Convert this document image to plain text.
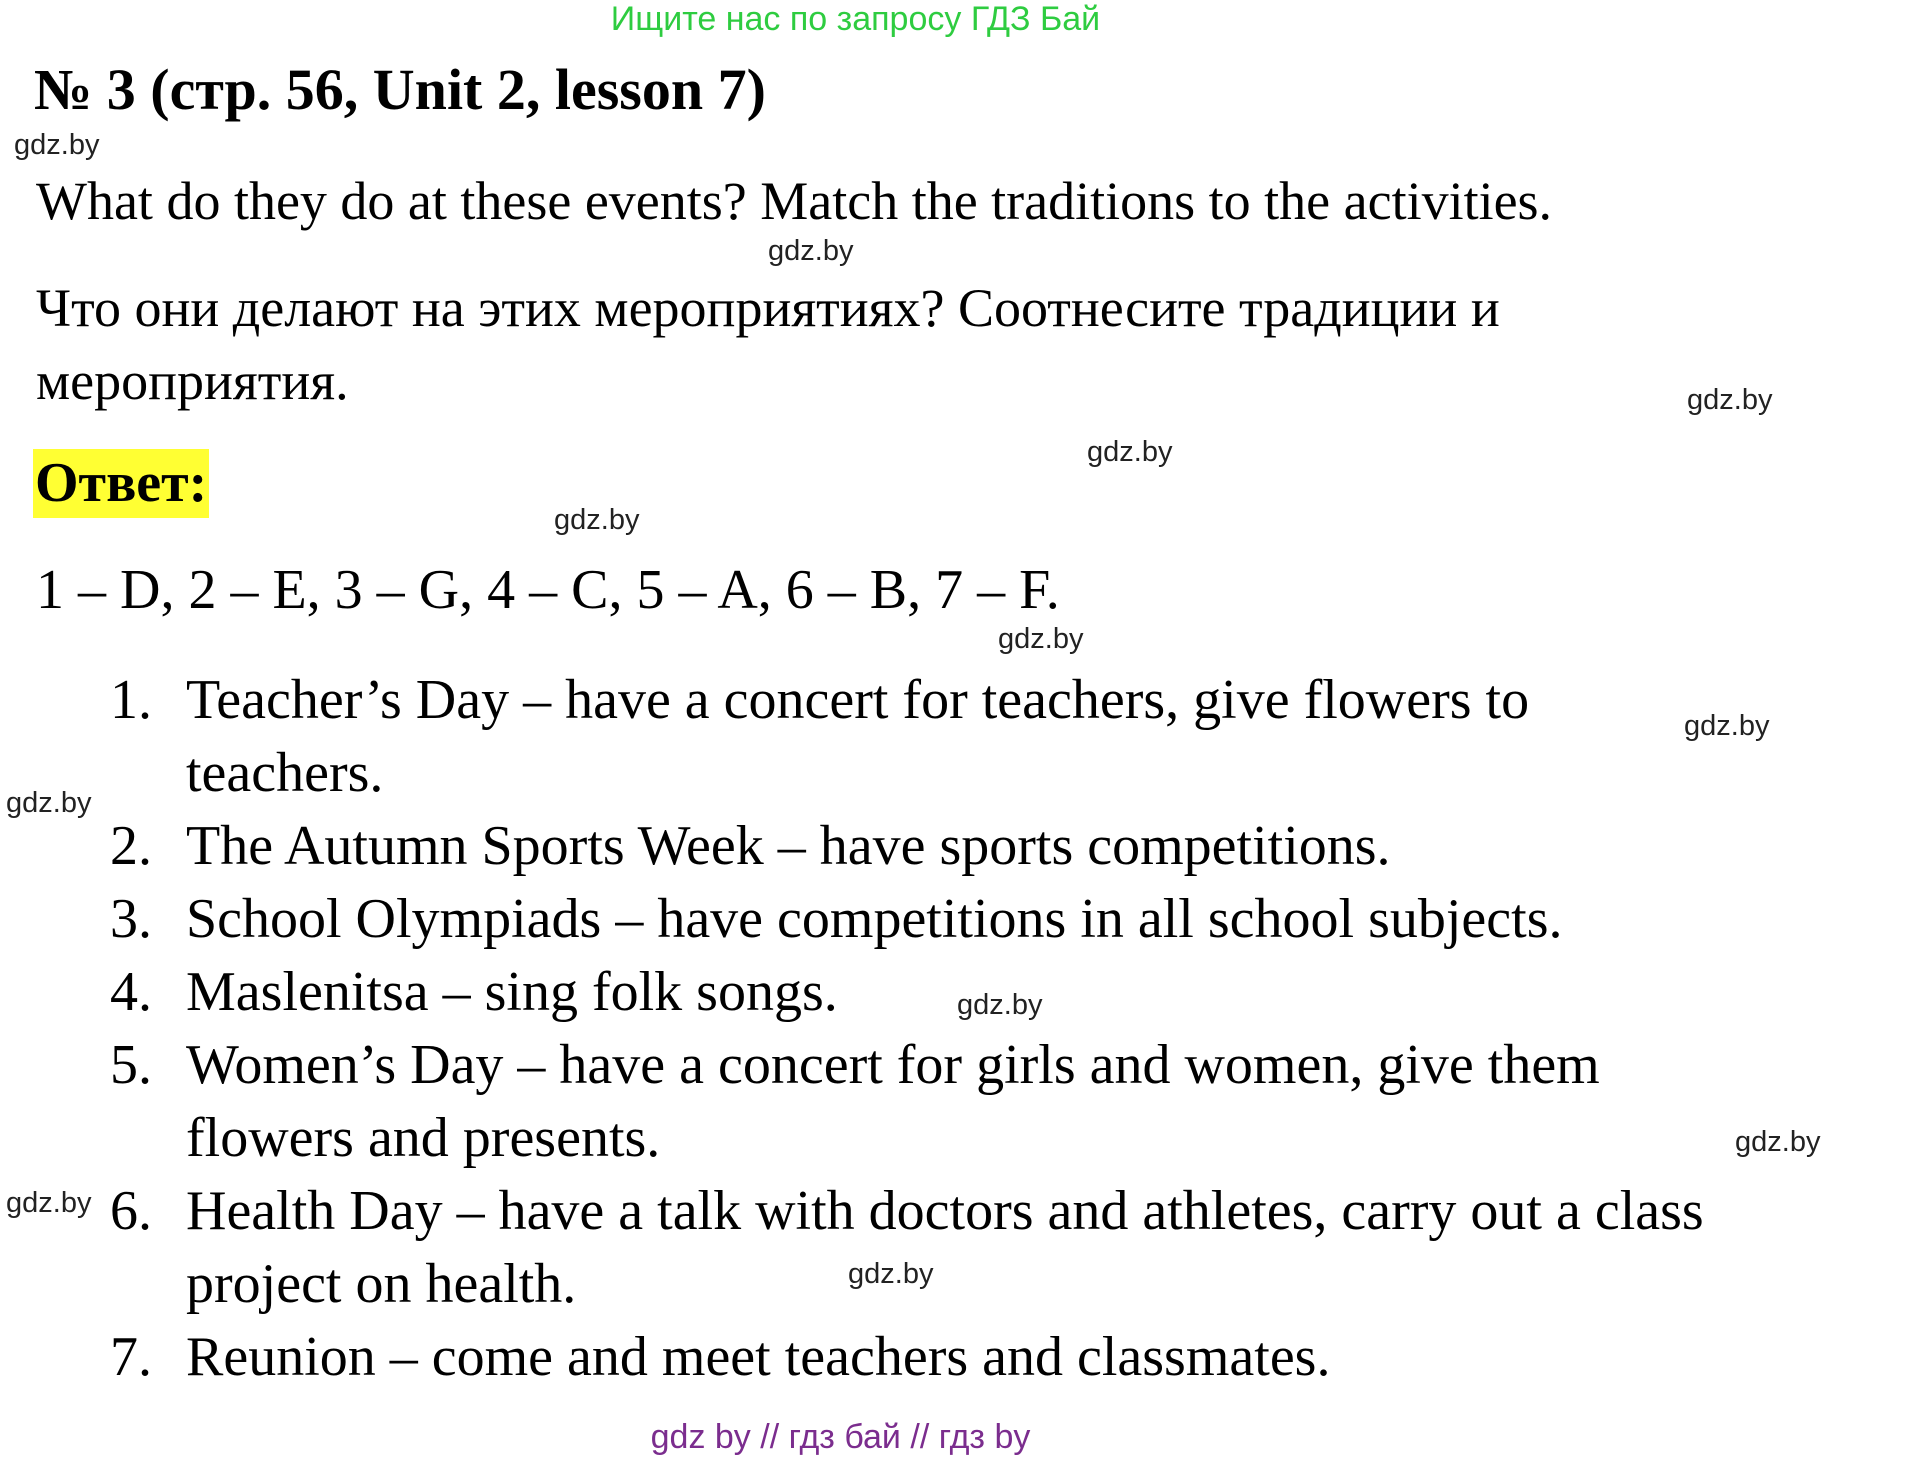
Ищите нас по запросу ГДЗ Бай
№ 3 (стр. 56, Unit 2, lesson 7)
What do they do at these events? Match the traditions to the activities.
Что они делают на этих мероприятиях? Соотнесите традиции и
мероприятия.
Ответ:
1 – D, 2 – E, 3 – G, 4 – C, 5 – A, 6 – B, 7 – F.
1. Teacher’s Day – have a concert for teachers, give flowers to
teachers.
2. The Autumn Sports Week – have sports competitions.
3. School Olympiads – have competitions in all school subjects.
4. Maslenitsa – sing folk songs.
5. Women’s Day – have a concert for girls and women, give them
flowers and presents.
6. Health Day – have a talk with doctors and athletes, carry out a class
project on health.
7. Reunion – come and meet teachers and classmates.
gdz.by
gdz.by
gdz.by
gdz.by
gdz.by
gdz.by
gdz.by
gdz.by
gdz.by
gdz.by
gdz.by
gdz.by
gdz by // гдз бай // гдз by
